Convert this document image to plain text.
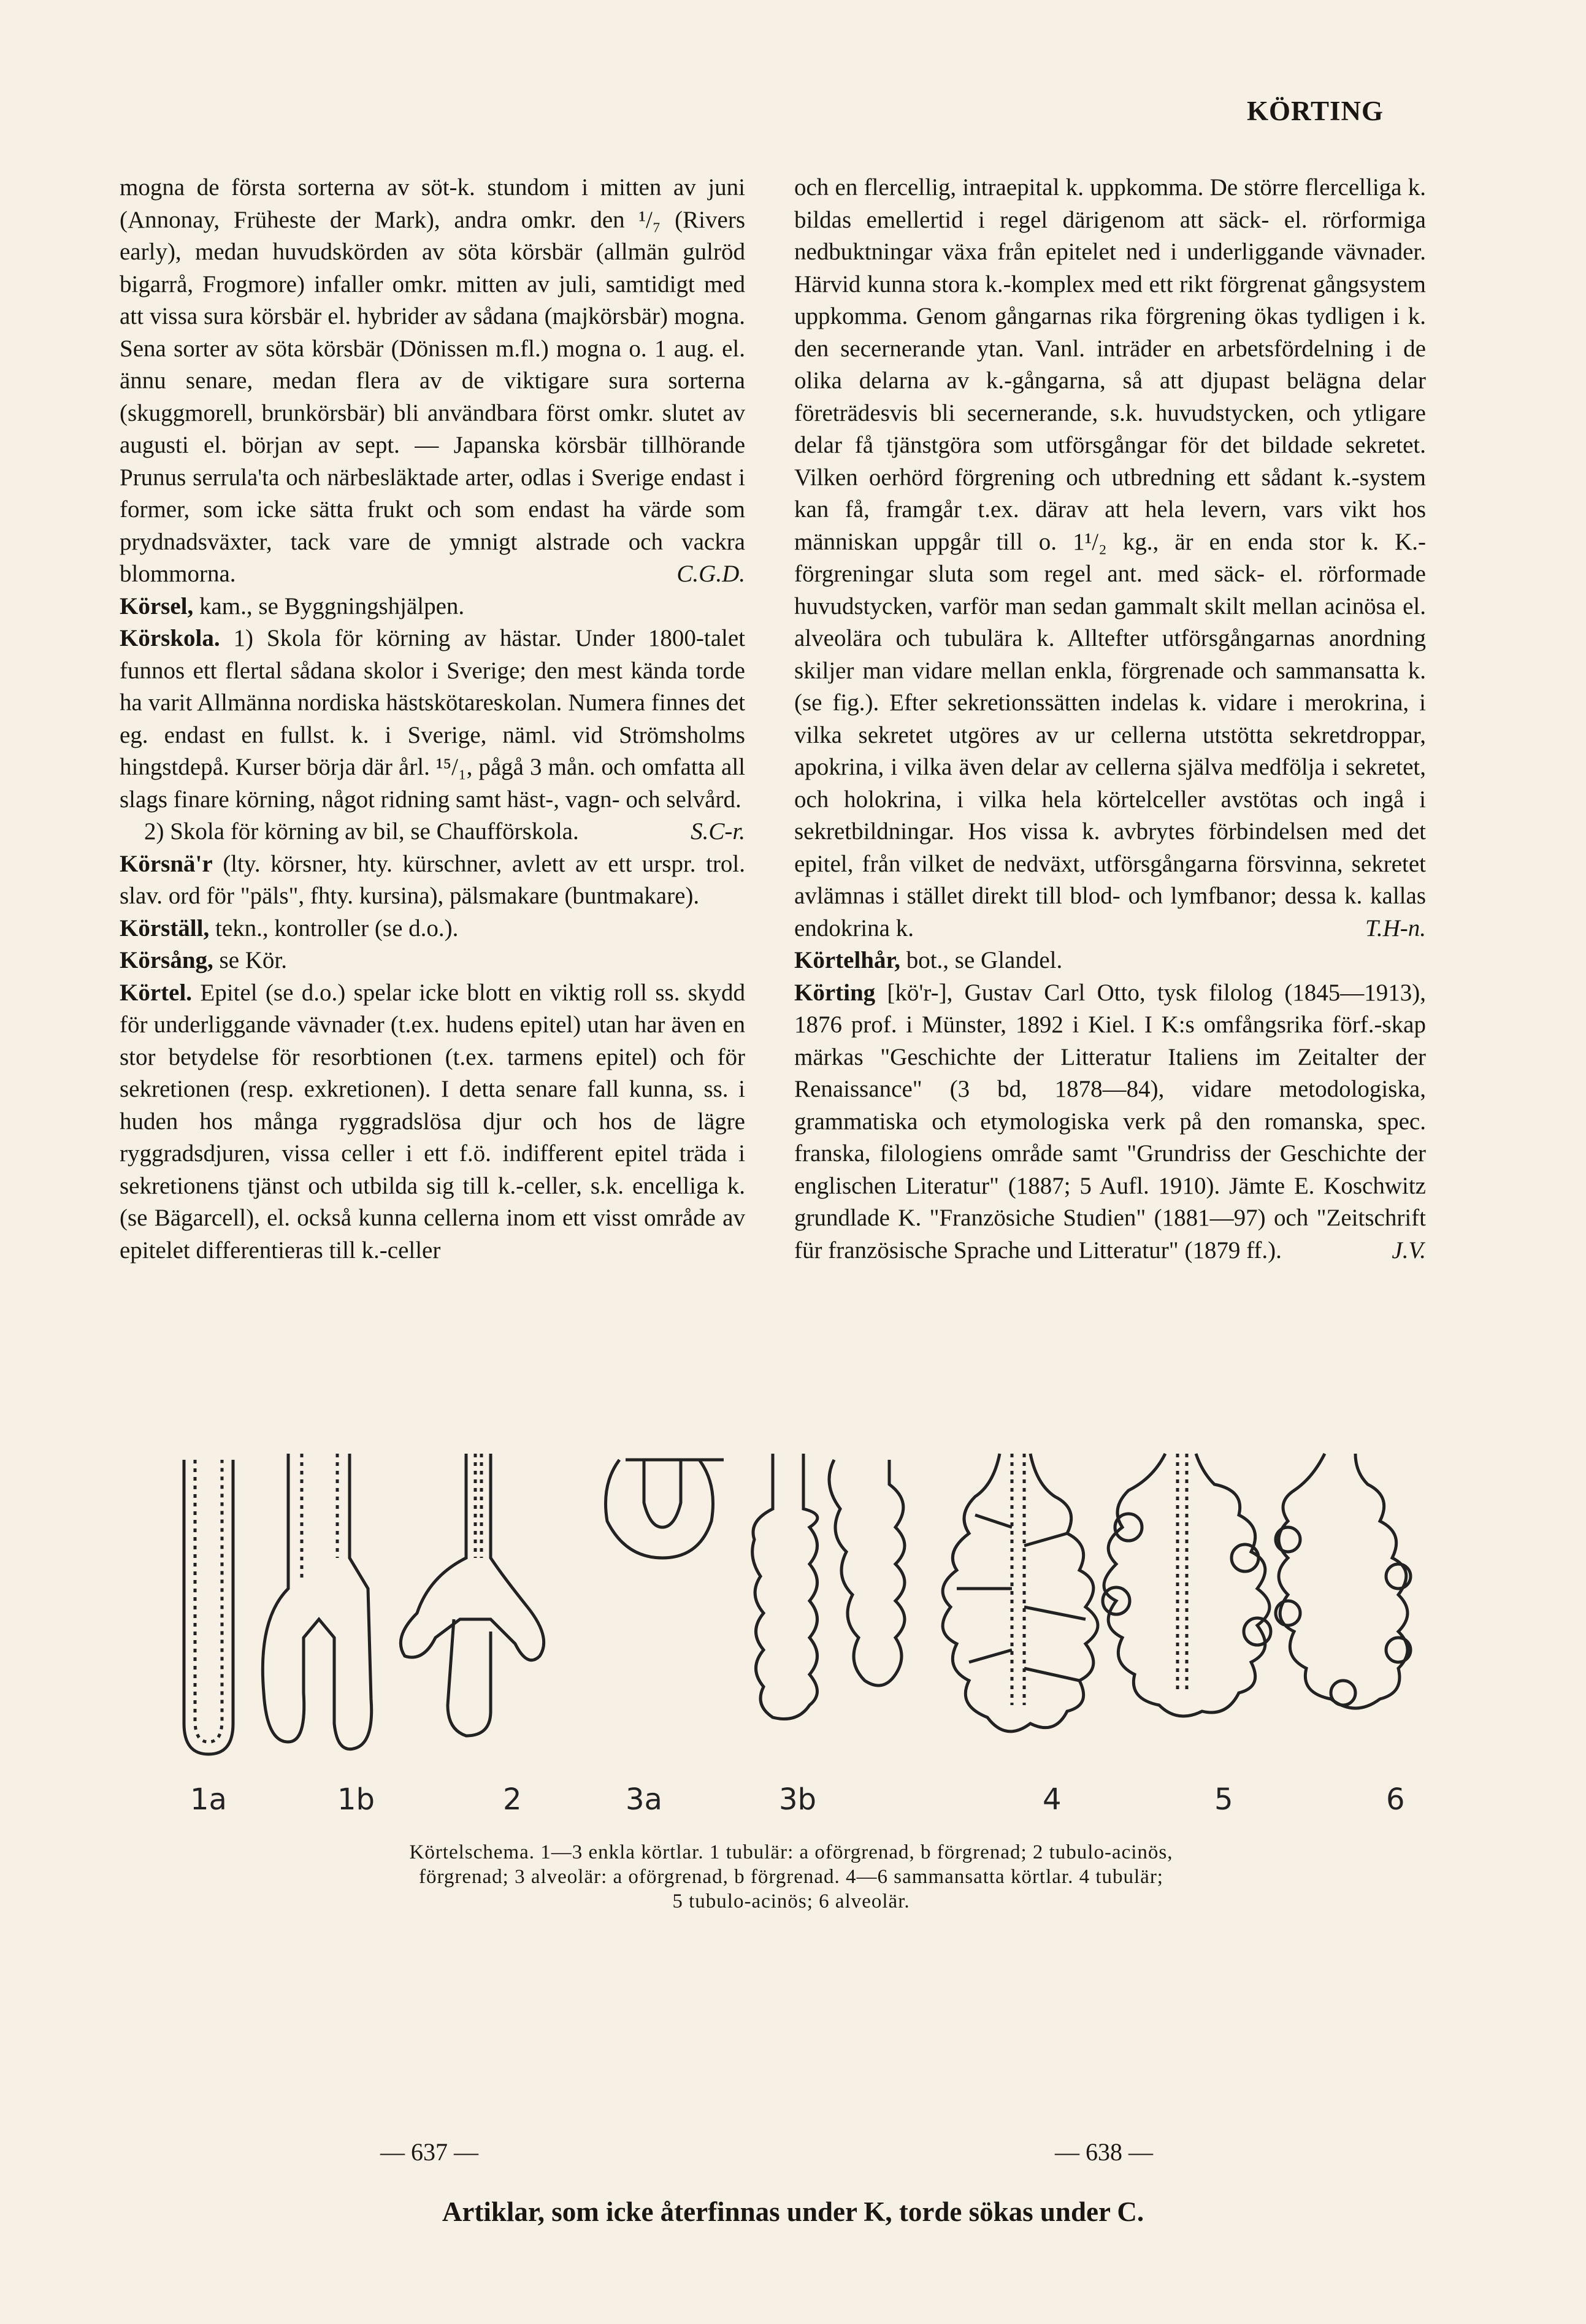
KÖRTING

mogna de första sorterna av söt-k. stundom i mitten av juni (Annonay, Früheste der Mark), andra omkr. den ¹/₇ (Rivers early), medan huvudskörden av söta körsbär (allmän gulröd bigarrå, Frogmore) infaller omkr. mitten av juli, samtidigt med att vissa sura körsbär el. hybrider av sådana (majkörsbär) mogna. Sena sorter av söta körsbär (Dönissen m.fl.) mogna o. 1 aug. el. ännu senare, medan flera av de viktigare sura sorterna (skuggmorell, brunkörsbär) bli användbara först omkr. slutet av augusti el. början av sept. — Japanska körsbär tillhörande Prunus serrula'ta och närbesläktade arter, odlas i Sverige endast i former, som icke sätta frukt och som endast ha värde som prydnadsväxter, tack vare de ymnigt alstrade och vackra blommorna.	C.G.D.

Körsel, kam., se Byggningshjälpen.

Körskola. 1) Skola för körning av hästar. Under 1800-talet funnos ett flertal sådana skolor i Sverige; den mest kända torde ha varit Allmänna nordiska hästskötareskolan. Numera finnes det eg. endast en fullst. k. i Sverige, näml. vid Strömsholms hingstdepå. Kurser börja där årl. ¹⁵/₁, pågå 3 mån. och omfatta all slags finare körning, något ridning samt häst-, vagn- och selvård.
S.C-r.

2) Skola för körning av bil, se Chaufförskola.

Körsnä'r (lty. körsner, hty. kürschner, avlett av ett urspr. trol. slav. ord för "päls", fhty. kursina), pälsmakare (buntmakare).

Körställ, tekn., kontroller (se d.o.).

Körsång, se Kör.

Körtel. Epitel (se d.o.) spelar icke blott en viktig roll ss. skydd för underliggande vävnader (t.ex. hudens epitel) utan har även en stor betydelse för resorbtionen (t.ex. tarmens epitel) och för sekretionen (resp. exkretionen). I detta senare fall kunna, ss. i huden hos många ryggradslösa djur och hos de lägre ryggradsdjuren, vissa celler i ett f.ö. indifferent epitel träda i sekretionens tjänst och utbilda sig till k.-celler, s.k. encelliga k. (se Bägarcell), el. också kunna cellerna inom ett visst område av epitelet differentieras till k.-celler

och en flercellig, intraepital k. uppkomma. De större flercelliga k. bildas emellertid i regel därigenom att säck- el. rörformiga nedbuktningar växa från epitelet ned i underliggande vävnader. Härvid kunna stora k.-komplex med ett rikt förgrenat gångsystem uppkomma. Genom gångarnas rika förgrening ökas tydligen i k. den secernerande ytan. Vanl. inträder en arbetsfördelning i de olika delarna av k.-gångarna, så att djupast belägna delar företrädesvis bli secernerande, s.k. huvudstycken, och ytligare delar få tjänstgöra som utförsgångar för det bildade sekretet. Vilken oerhörd förgrening och utbredning ett sådant k.-system kan få, framgår t.ex. därav att hela levern, vars vikt hos människan uppgår till o. 1¹/₂ kg., är en enda stor k. K.-förgreningar sluta som regel ant. med säck- el. rörformade huvudstycken, varför man sedan gammalt skilt mellan acinösa el. alveolära och tubulära k. Alltefter utförsgångarnas anordning skiljer man vidare mellan enkla, förgrenade och sammansatta k. (se fig.). Efter sekretionssätten indelas k. vidare i merokrina, i vilka sekretet utgöres av ur cellerna utstötta sekretdroppar, apokrina, i vilka även delar av cellerna själva medfölja i sekretet, och holokrina, i vilka hela körtelceller avstötas och ingå i sekretbildningar. Hos vissa k. avbrytes förbindelsen med det epitel, från vilket de nedväxt, utförsgångarna försvinna, sekretet avlämnas i stället direkt till blod- och lymfbanor; dessa k. kallas endokrina k.	T.H-n.

Körtelhår, bot., se Glandel.

Körting [kö'r-], Gustav Carl Otto, tysk filolog (1845—1913), 1876 prof. i Münster, 1892 i Kiel. I K:s omfångsrika förf.-skap märkas "Geschichte der Litteratur Italiens im Zeitalter der Renaissance" (3 bd, 1878—84), vidare metodologiska, grammatiska och etymologiska verk på den romanska, spec. franska, filologiens område samt "Grundriss der Geschichte der englischen Literatur" (1887; 5 Aufl. 1910). Jämte E. Koschwitz grundlade K. "Französiche Studien" (1881—97) och "Zeitschrift für französische Sprache und Litteratur" (1879 ff.).	J.V.

1a	1b	2	3a	3b	4	5	6
Körtelschema. 1—3 enkla körtlar. 1 tubulär: a oförgrenad, b förgrenad; 2 tubulo-acinös,
förgrenad; 3 alveolär: a oförgrenad, b förgrenad. 4—6 sammansatta körtlar. 4 tubulär;
5 tubulo-acinös; 6 alveolär.
— 637 —	— 638 —
Artiklar, som icke återfinnas under K, torde sökas under C.
